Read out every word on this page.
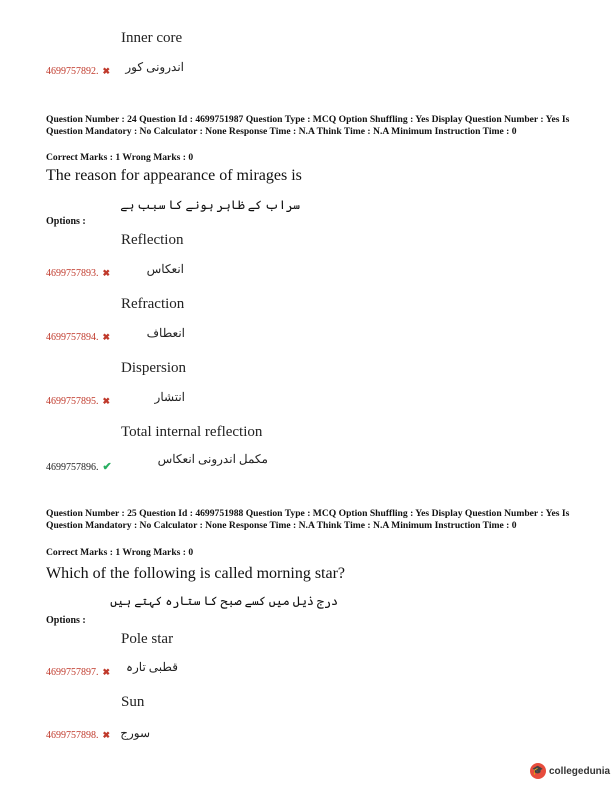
Inner core
اندرونی کور
4699757892. ✖
Question Number : 24 Question Id : 4699751987 Question Type : MCQ Option Shuffling : Yes Display Question Number : Yes Is Question Mandatory : No Calculator : None Response Time : N.A Think Time : N.A Minimum Instruction Time : 0
Correct Marks : 1 Wrong Marks : 0
The reason for appearance of mirages is
سراب کے ظاہر ہونے کا سبب ہے
Options :
Reflection
انعکاس
4699757893. ✖
Refraction
انعطاف
4699757894. ✖
Dispersion
انتشار
4699757895. ✖
Total internal reflection
مکمل اندرونی انعکاس
4699757896. ✔
Question Number : 25 Question Id : 4699751988 Question Type : MCQ Option Shuffling : Yes Display Question Number : Yes Is Question Mandatory : No Calculator : None Response Time : N.A Think Time : N.A Minimum Instruction Time : 0
Correct Marks : 1 Wrong Marks : 0
Which of the following is called morning star?
درج ذیل میں کسے صبح کا ستارہ کہتے ہیں
Options :
Pole star
قطبی تارہ
4699757897. ✖
Sun
سورج
4699757898. ✖
🎓 collegedunia
